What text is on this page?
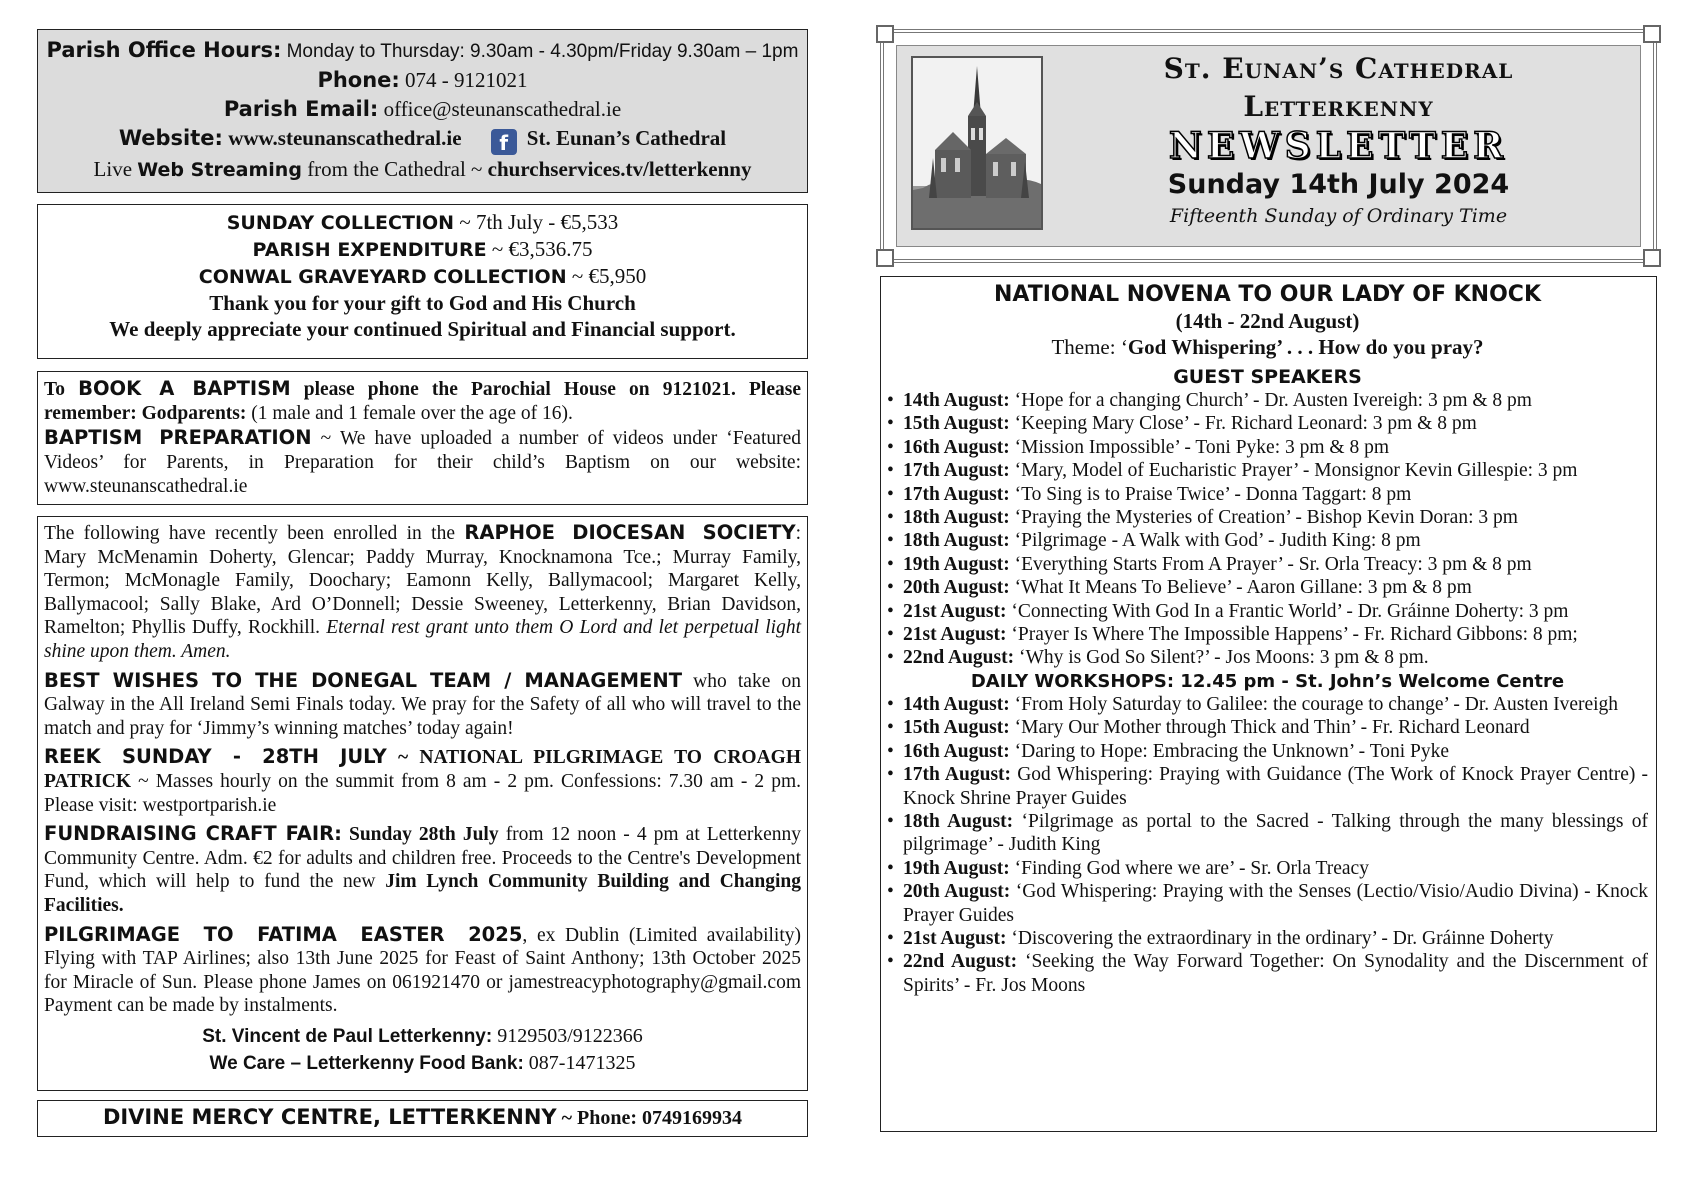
Parish Office Hours: Monday to Thursday: 9.30am - 4.30pm/Friday 9.30am – 1pm
Phone: 074 - 9121021
Parish Email: office@steunanscathedral.ie
Website: www.steunanscathedral.ie f St. Eunan’s Cathedral
Live Web Streaming from the Cathedral ~ churchservices.tv/letterkenny
SUNDAY COLLECTION ~ 7th July - €5,533
PARISH EXPENDITURE ~ €3,536.75
CONWAL GRAVEYARD COLLECTION ~ €5,950
Thank you for your gift to God and His Church
We deeply appreciate your continued Spiritual and Financial support.

To BOOK A BAPTISM please phone the Parochial House on 9121021. Please remember: Godparents: (1 male and 1 female over the age of 16).

BAPTISM PREPARATION ~ We have uploaded a number of videos under ‘Featured Videos’ for Parents, in Preparation for their child’s Baptism on our website: www.steunanscathedral.ie

The following have recently been enrolled in the RAPHOE DIOCESAN SOCIETY: Mary McMenamin Doherty, Glencar; Paddy Murray, Knocknamona Tce.; Murray Family, Termon; McMonagle Family, Doochary; Eamonn Kelly, Ballymacool; Margaret Kelly, Ballymacool; Sally Blake, Ard O’Donnell; Dessie Sweeney, Letterkenny, Brian Davidson, Ramelton; Phyllis Duffy, Rockhill. Eternal rest grant unto them O Lord and let perpetual light shine upon them. Amen.

BEST WISHES TO THE DONEGAL TEAM / MANAGEMENT who take on Galway in the All Ireland Semi Finals today. We pray for the Safety of all who will travel to the match and pray for ‘Jimmy’s winning matches’ today again!

REEK SUNDAY - 28TH JULY ~ NATIONAL PILGRIMAGE TO CROAGH PATRICK ~ Masses hourly on the summit from 8 am - 2 pm. Confessions: 7.30 am - 2 pm. Please visit: westportparish.ie

FUNDRAISING CRAFT FAIR: Sunday 28th July from 12 noon - 4 pm at Letterkenny Community Centre. Adm. €2 for adults and children free. Proceeds to the Centre's Development Fund, which will help to fund the new Jim Lynch Community Building and Changing Facilities.

PILGRIMAGE TO FATIMA EASTER 2025, ex Dublin (Limited availability) Flying with TAP Airlines; also 13th June 2025 for Feast of Saint Anthony; 13th October 2025 for Miracle of Sun. Please phone James on 061921470 or jamestreacyphotography@gmail.com Payment can be made by instalments.

St. Vincent de Paul Letterkenny: 9129503/9122366
We Care – Letterkenny Food Bank: 087-1471325
DIVINE MERCY CENTRE, LETTERKENNY ~ Phone: 0749169934
St. Eunan’s Cathedral
Letterkenny
NEWSLETTER
Sunday 14th July 2024
Fifteenth Sunday of Ordinary Time
NATIONAL NOVENA TO OUR LADY OF KNOCK
(14th - 22nd August)
Theme: ‘God Whispering’ . . . How do you pray?
GUEST SPEAKERS
• 14th August: ‘Hope for a changing Church’ - Dr. Austen Ivereigh: 3 pm & 8 pm
• 15th August: ‘Keeping Mary Close’ - Fr. Richard Leonard: 3 pm & 8 pm
• 16th August: ‘Mission Impossible’ - Toni Pyke: 3 pm & 8 pm
• 17th August: ‘Mary, Model of Eucharistic Prayer’ - Monsignor Kevin Gillespie: 3 pm
• 17th August: ‘To Sing is to Praise Twice’ - Donna Taggart: 8 pm
• 18th August: ‘Praying the Mysteries of Creation’ - Bishop Kevin Doran: 3 pm
• 18th August: ‘Pilgrimage - A Walk with God’ - Judith King: 8 pm
• 19th August: ‘Everything Starts From A Prayer’ - Sr. Orla Treacy: 3 pm & 8 pm
• 20th August: ‘What It Means To Believe’ - Aaron Gillane: 3 pm & 8 pm
• 21st August: ‘Connecting With God In a Frantic World’ - Dr. Gráinne Doherty: 3 pm
• 21st August: ‘Prayer Is Where The Impossible Happens’ - Fr. Richard Gibbons: 8 pm;
• 22nd August: ‘Why is God So Silent?’ - Jos Moons: 3 pm & 8 pm.
DAILY WORKSHOPS: 12.45 pm - St. John’s Welcome Centre
• 14th August: ‘From Holy Saturday to Galilee: the courage to change’ - Dr. Austen Ivereigh
• 15th August: ‘Mary Our Mother through Thick and Thin’ - Fr. Richard Leonard
• 16th August: ‘Daring to Hope: Embracing the Unknown’ - Toni Pyke
• 17th August: God Whispering: Praying with Guidance (The Work of Knock Prayer Centre) - Knock Shrine Prayer Guides
• 18th August: ‘Pilgrimage as portal to the Sacred - Talking through the many blessings of pilgrimage’ - Judith King
• 19th August: ‘Finding God where we are’ - Sr. Orla Treacy
• 20th August: ‘God Whispering: Praying with the Senses (Lectio/Visio/Audio Divina) - Knock Prayer Guides
• 21st August: ‘Discovering the extraordinary in the ordinary’ - Dr. Gráinne Doherty
• 22nd August: ‘Seeking the Way Forward Together: On Synodality and the Discernment of Spirits’ - Fr. Jos Moons
